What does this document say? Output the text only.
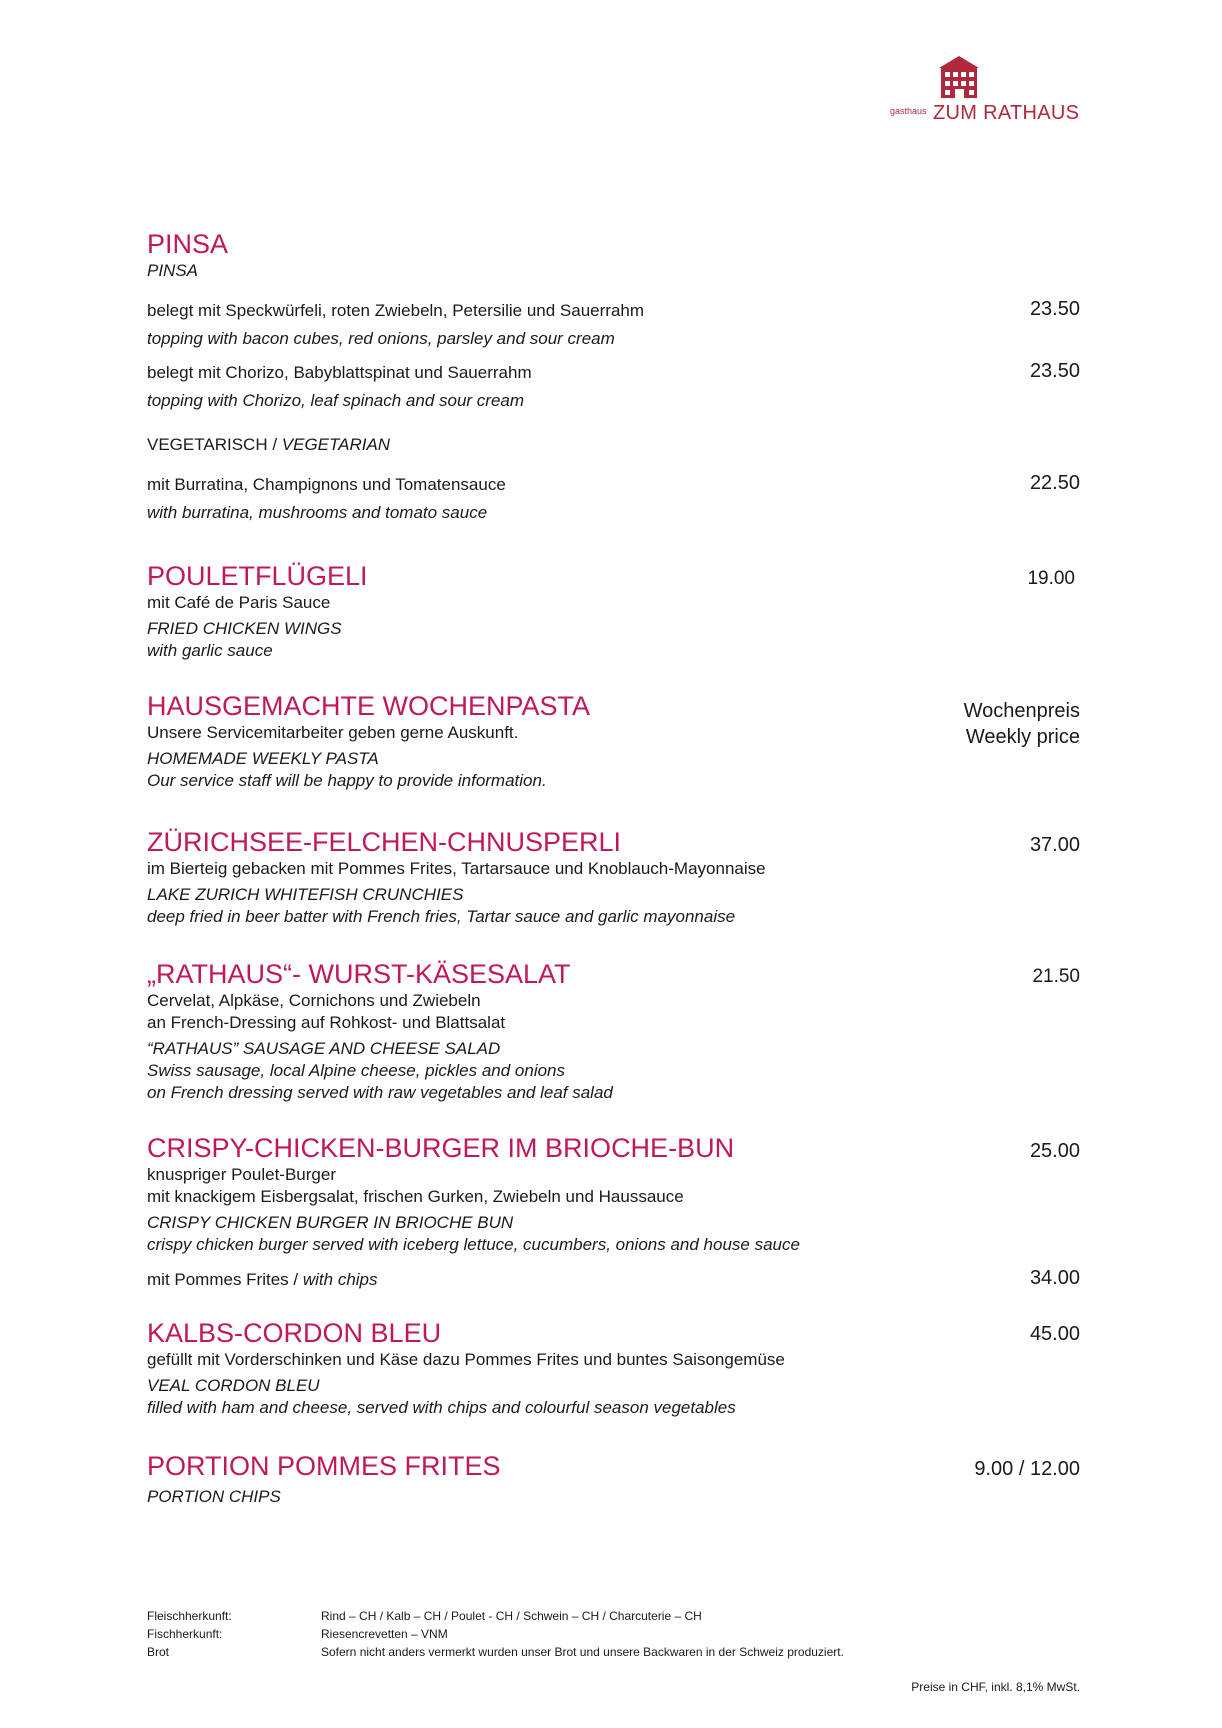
gasthaus ZUM RATHAUS
PINSA
PINSA
belegt mit Speckwürfeli, roten Zwiebeln, Petersilie und Sauerrahm
topping with bacon cubes, red onions, parsley and sour cream
23.50
belegt mit Chorizo, Babyblattspinat und Sauerrahm
topping with Chorizo, leaf spinach and sour cream
23.50
VEGETARISCH / VEGETARIAN
mit Burratina, Champignons und Tomatensauce
with burratina, mushrooms and tomato sauce
22.50
POULETFLÜGELI	19.00
mit Café de Paris Sauce
FRIED CHICKEN WINGS
with garlic sauce
HAUSGEMACHTE WOCHENPASTA	Wochenpreis
Weekly price
Unsere Servicemitarbeiter geben gerne Auskunft.
HOMEMADE WEEKLY PASTA
Our service staff will be happy to provide information.
ZÜRICHSEE-FELCHEN-CHNUSPERLI	37.00
im Bierteig gebacken mit Pommes Frites, Tartarsauce und Knoblauch-Mayonnaise
LAKE ZURICH WHITEFISH CRUNCHIES
deep fried in beer batter with French fries, Tartar sauce and garlic mayonnaise
„RATHAUS“- WURST-KÄSESALAT	21.50
Cervelat, Alpkäse, Cornichons und Zwiebeln
an French-Dressing auf Rohkost- und Blattsalat
“RATHAUS” SAUSAGE AND CHEESE SALAD
Swiss sausage, local Alpine cheese, pickles and onions
on French dressing served with raw vegetables and leaf salad
CRISPY-CHICKEN-BURGER IM BRIOCHE-BUN	25.00
knuspriger Poulet-Burger
mit knackigem Eisbergsalat, frischen Gurken, Zwiebeln und Haussauce
CRISPY CHICKEN BURGER IN BRIOCHE BUN
crispy chicken burger served with iceberg lettuce, cucumbers, onions and house sauce
mit Pommes Frites / with chips	34.00
KALBS-CORDON BLEU	45.00
gefüllt mit Vorderschinken und Käse dazu Pommes Frites und buntes Saisongemüse
VEAL CORDON BLEU
filled with ham and cheese, served with chips and colourful season vegetables
PORTION POMMES FRITES	9.00 / 12.00
PORTION CHIPS
Fleischherkunft:	Rind – CH / Kalb – CH / Poulet - CH / Schwein – CH / Charcuterie – CH
Fischherkunft:	Riesencrevetten – VNM
Brot	Sofern nicht anders vermerkt wurden unser Brot und unsere Backwaren in der Schweiz produziert.
Preise in CHF, inkl. 8,1% MwSt.
